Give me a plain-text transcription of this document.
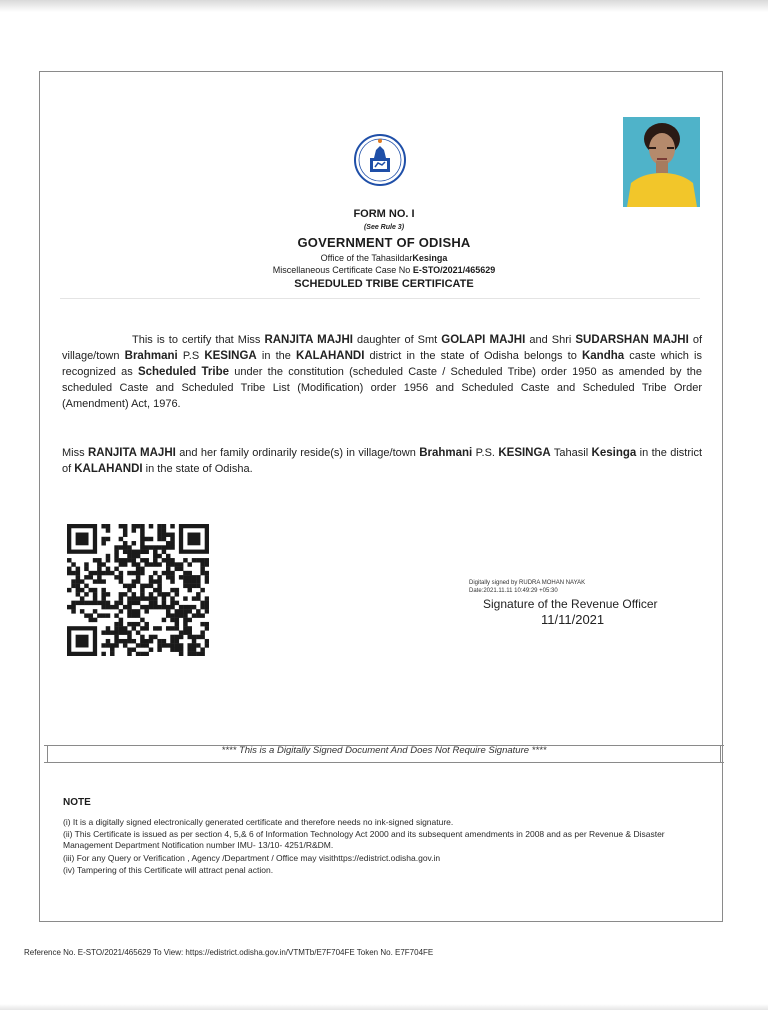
FORM NO. I
(See Rule 3)
GOVERNMENT OF ODISHA
Office of the TahasildarKesinga
Miscellaneous Certificate Case No E-STO/2021/465629
SCHEDULED TRIBE CERTIFICATE
This is to certify that Miss RANJITA MAJHI daughter of Smt GOLAPI MAJHI and Shri SUDARSHAN MAJHI of village/town Brahmani P.S KESINGA in the KALAHANDI district in the state of Odisha belongs to Kandha caste which is recognized as Scheduled Tribe under the constitution (scheduled Caste / Scheduled Tribe) order 1950 as amended by the scheduled Caste and Scheduled Tribe List (Modification) order 1956 and Scheduled Caste and Scheduled Tribe Order (Amendment) Act, 1976.
Miss RANJITA MAJHI and her family ordinarily reside(s) in village/town Brahmani P.S. KESINGA Tahasil Kesinga in the district of KALAHANDI in the state of Odisha.
Digitally signed by RUDRA MOHAN NAYAK
Date:2021.11.11 10:49:29 +05:30
Signature of the Revenue Officer
11/11/2021
**** This is a Digitally Signed Document And Does Not Require Signature ****
NOTE
(i) It is a digitally signed electronically generated certificate and therefore needs no ink-signed signature.
(ii) This Certificate is issued as per section 4, 5,& 6 of Information Technology Act 2000 and its subsequent amendments in 2008 and as per Revenue & Disaster Management Department Notification number IMU- 13/10- 4251/R&DM.
(iii) For any Query or Verification , Agency /Department / Office may visithttps://edistrict.odisha.gov.in
(iv) Tampering of this Certificate will attract penal action.
Reference No. E-STO/2021/465629 To View: https://edistrict.odisha.gov.in/VTMTb/E7F704FE Token No. E7F704FE
